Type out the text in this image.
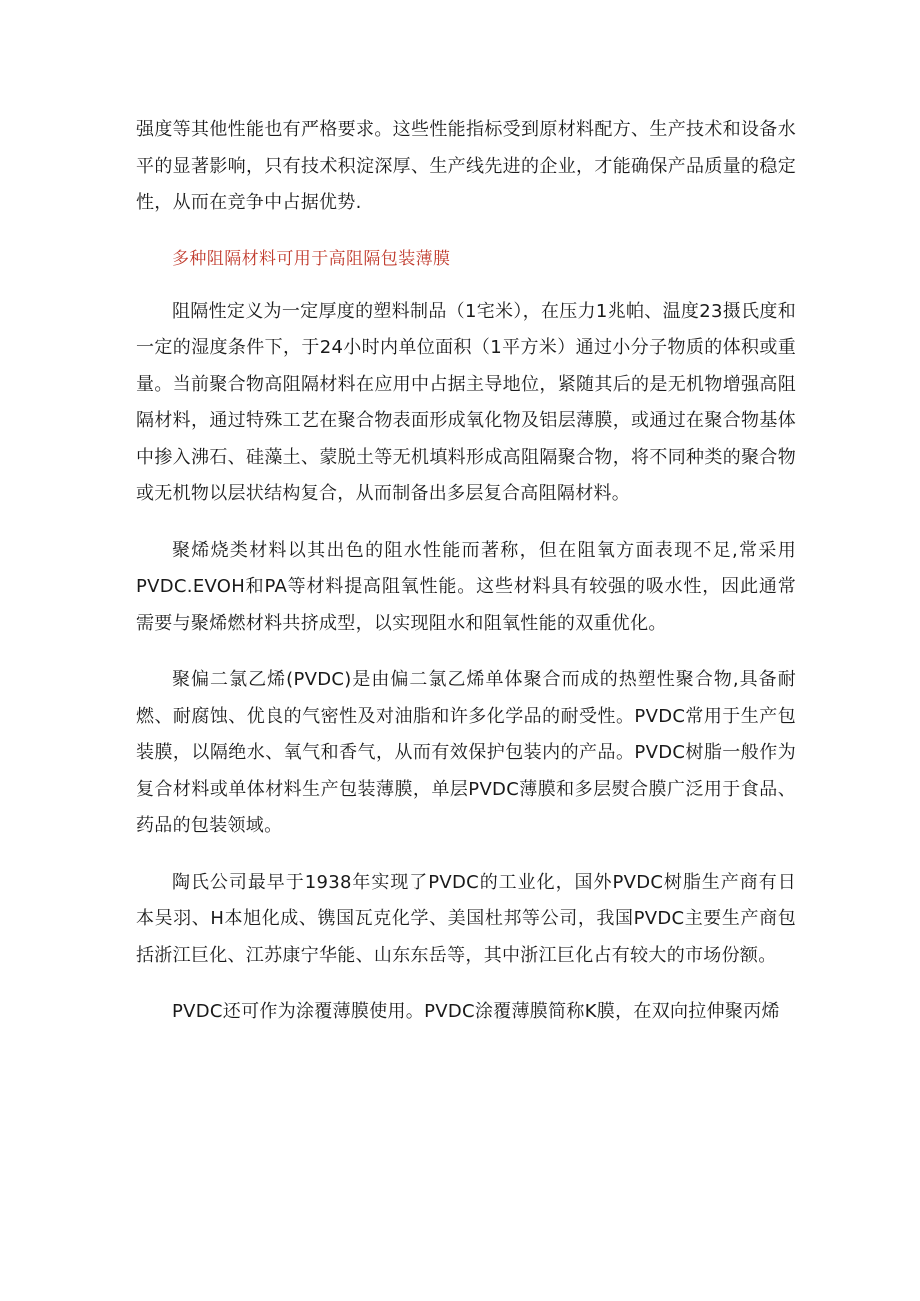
强度等其他性能也有严格要求。这些性能指标受到原材料配方、生产技术和设备水平的显著影响，只有技术积淀深厚、生产线先进的企业，才能确保产品质量的稳定性，从而在竞争中占据优势.

多种阻隔材料可用于高阻隔包装薄膜

阻隔性定义为一定厚度的塑料制品（1宅米），在压力1兆帕、温度23摄氏度和一定的湿度条件下，于24小时内单位面积（1平方米）通过小分子物质的体积或重量。当前聚合物高阻隔材料在应用中占据主导地位，紧随其后的是无机物增强高阻隔材料，通过特殊工艺在聚合物表面形成氧化物及铝层薄膜，或通过在聚合物基体中掺入沸石、硅藻土、蒙脱土等无机填料形成高阻隔聚合物，将不同种类的聚合物或无机物以层状结构复合，从而制备出多层复合高阻隔材料。

聚烯烧类材料以其出色的阻水性能而著称，但在阻氧方面表现不足,常采用PVDC.EVOH和PA等材料提高阻氧性能。这些材料具有较强的吸水性，因此通常需要与聚烯燃材料共挤成型，以实现阻水和阻氧性能的双重优化。

聚偏二氯乙烯(PVDC)是由偏二氯乙烯单体聚合而成的热塑性聚合物,具备耐燃、耐腐蚀、优良的气密性及对油脂和许多化学品的耐受性。PVDC常用于生产包装膜，以隔绝水、氧气和香气，从而有效保护包装内的产品。PVDC树脂一般作为复合材料或单体材料生产包装薄膜，单层PVDC薄膜和多层熨合膜广泛用于食品、药品的包装领域。

陶氏公司最早于1938年实现了PVDC的工业化，国外PVDC树脂生产商有日本吴羽、H本旭化成、镌国瓦克化学、美国杜邦等公司，我国PVDC主要生产商包括浙江巨化、江苏康宁华能、山东东岳等，其中浙江巨化占有较大的市场份额。

PVDC还可作为涂覆薄膜使用。PVDC涂覆薄膜简称K膜，在双向拉伸聚丙烯
